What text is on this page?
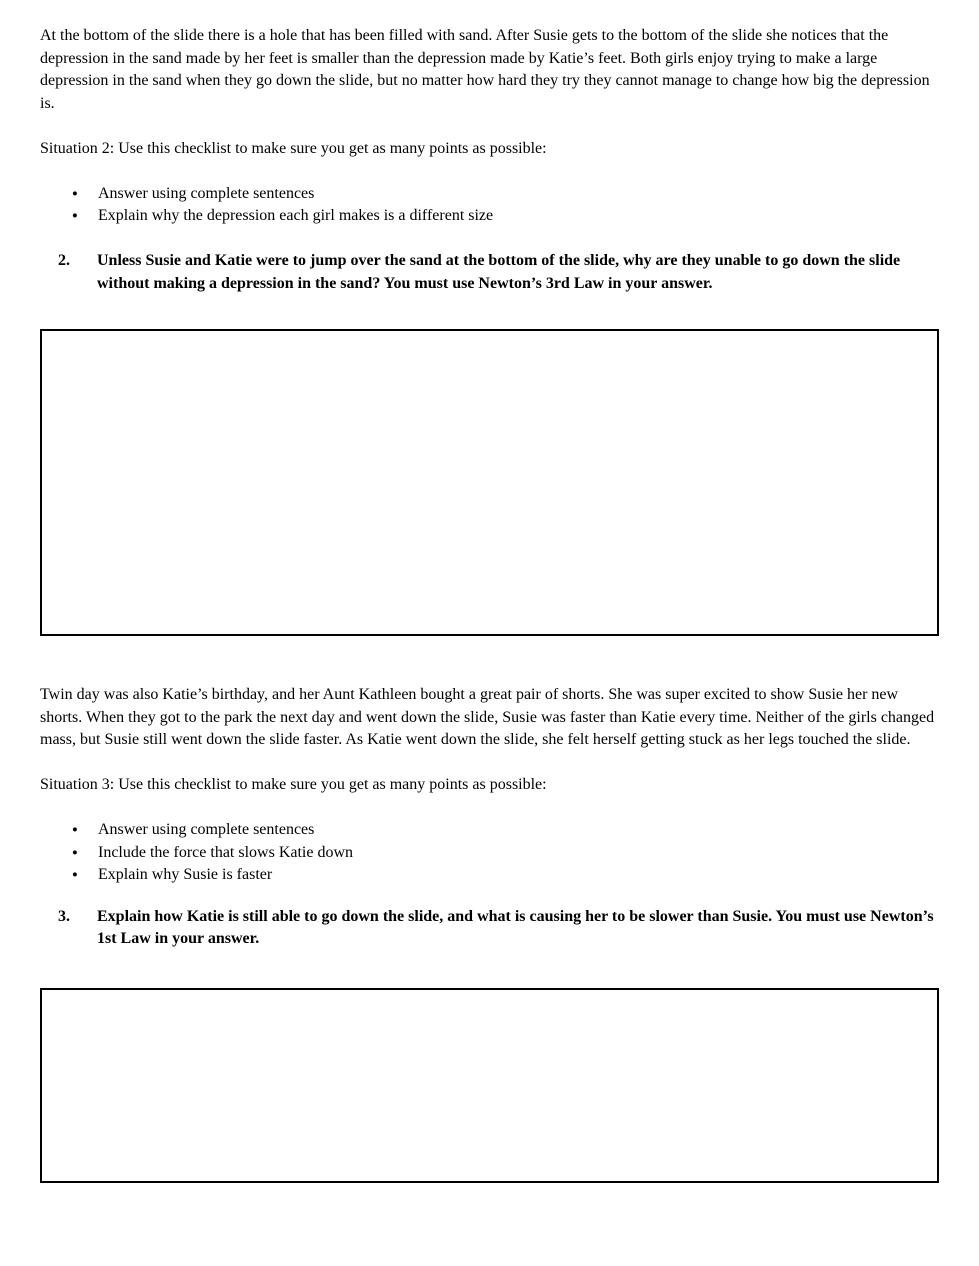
At the bottom of the slide there is a hole that has been filled with sand. After Susie gets to the bottom of the slide she notices that the depression in the sand made by her feet is smaller than the depression made by Katie’s feet. Both girls enjoy trying to make a large depression in the sand when they go down the slide, but no matter how hard they try they cannot manage to change how big the depression is.

Situation 2: Use this checklist to make sure you get as many points as possible:

●	Answer using complete sentences
●	Explain why the depression each girl makes is a different size
2.	Unless Susie and Katie were to jump over the sand at the bottom of the slide, why are they unable to go down the slide without making a depression in the sand? You must use Newton’s 3rd Law in your answer.

Twin day was also Katie’s birthday, and her Aunt Kathleen bought a great pair of shorts. She was super excited to show Susie her new shorts. When they got to the park the next day and went down the slide, Susie was faster than Katie every time. Neither of the girls changed mass, but Susie still went down the slide faster. As Katie went down the slide, she felt herself getting stuck as her legs touched the slide.

Situation 3: Use this checklist to make sure you get as many points as possible:

●	Answer using complete sentences
●	Include the force that slows Katie down
●	Explain why Susie is faster
3.	Explain how Katie is still able to go down the slide, and what is causing her to be slower than Susie. You must use Newton’s 1st Law in your answer.
